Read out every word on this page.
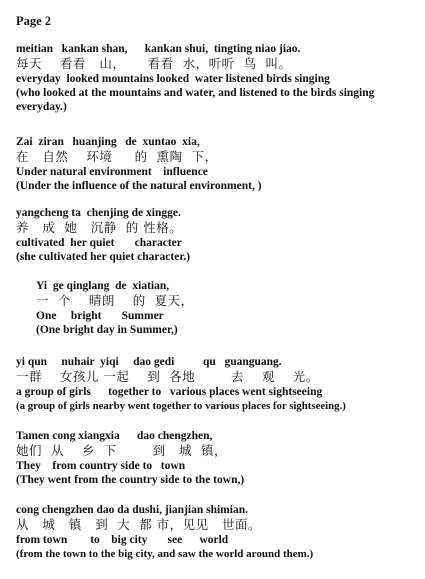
Page 2
meitian   kankan shan,      kankan shui,  tingting niao jiao.
每天    看看   山，     看看  水，听听  鸟  叫。
everyday  looked mountains looked  water listened birds singing
(who looked at the mountains and water, and listened to the birds singing everyday.)
Zai  ziran   huanjing   de  xuntao  xia,
在   自然    环境     的  熏陶  下，
Under natural environment    influence
(Under the influence of the natural environment, )
yangcheng ta  chenjing de xingge.
养   成  她   沉静  的 性格。
cultivated  her quiet       character
(she cultivated her quiet character.)
Yi  ge qinglang  de  xiatian,
一  个    晴朗    的  夏天，
One     bright       Summer
(One bright day in Summer,)
yi qun     nuhair  yiqi     dao gedi          qu   guanguang.
一群    女孩儿 一起    到  各地        去    观    光。
a group of girls      together to   various places went sightseeing
(a group of girls nearby went together to various places for sightseeing.)
Tamen cong xiangxia      dao chengzhen,
她们  从    乡  下        到   城  镇，
They    from country side to   town
(They went from the country side to the town,)
cong chengzhen dao da dushi, jianjian shimian.
从   城   镇   到  大  都 市，见见   世面。
from town        to    big city       see      world
(from the town to the big city, and saw the world around them.)
